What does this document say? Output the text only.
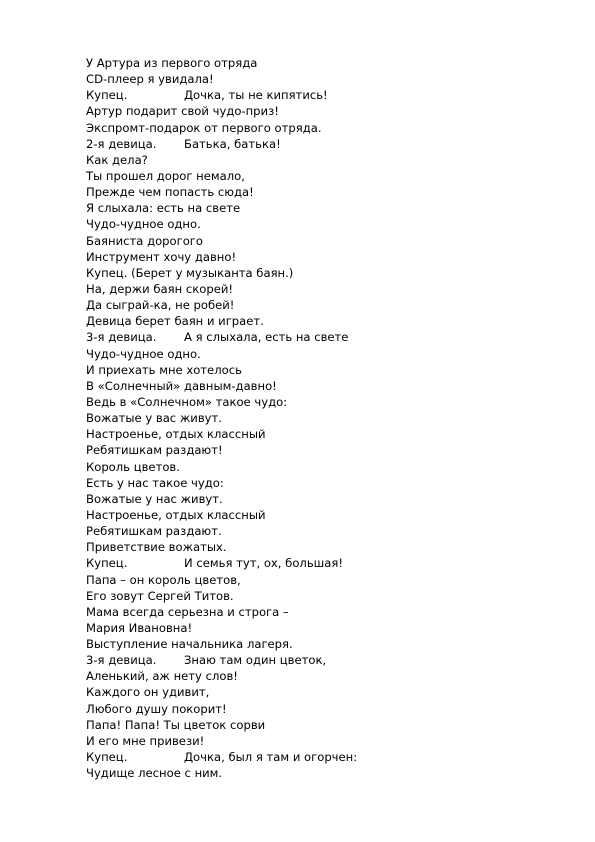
У Артура из первого отряда
CD-плеер я увидала!
Купец.	Дочка, ты не кипятись!
Артур подарит свой чудо-приз!
Экспромт-подарок от первого отряда.
2-я девица. Батька, батька!
Как дела?
Ты прошел дорог немало,
Прежде чем попасть сюда!
Я слыхала: есть на свете
Чудо-чудное одно.
Баяниста дорогого
Инструмент хочу давно!
Купец. (Берет у музыканта баян.)
На, держи баян скорей!
Да сыграй-ка, не робей!
Девица берет баян и играет.
3-я девица. А я слыхала, есть на свете
Чудо-чудное одно.
И приехать мне хотелось
В «Солнечный» давным-давно!
Ведь в «Солнечном» такое чудо:
Вожатые у вас живут.
Настроенье, отдых классный
Ребятишкам раздают!
Король цветов.
Есть у нас такое чудо:
Вожатые у нас живут.
Настроенье, отдых классный
Ребятишкам раздают.
Приветствие вожатых.
Купец.	И семья тут, ох, большая!
Папа – он король цветов,
Его зовут Сергей Титов.
Мама всегда серьезна и строга –
Мария Ивановна!
Выступление начальника лагеря.
3-я девица. Знаю там один цветок,
Аленький, аж нету слов!
Каждого он удивит,
Любого душу покорит!
Папа! Папа! Ты цветок сорви
И его мне привези!
Купец.	Дочка, был я там и огорчен:
Чудище лесное с ним.
